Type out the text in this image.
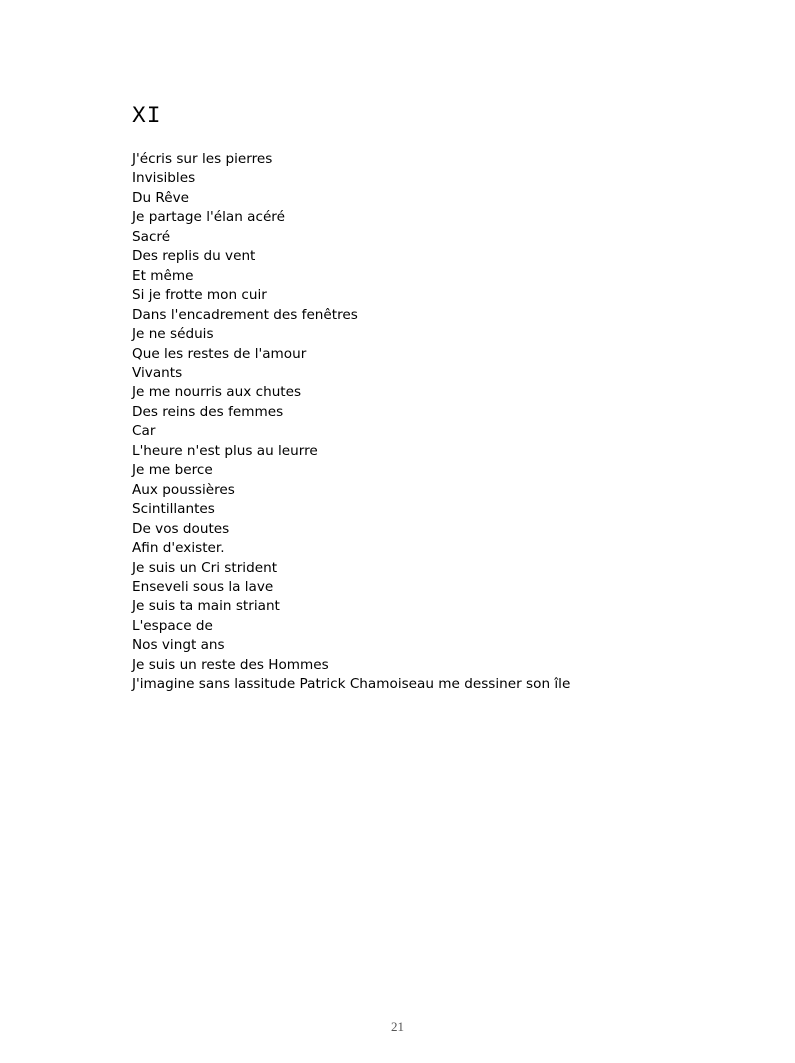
XI
J'écris sur les pierres
Invisibles
Du Rêve
Je partage l'élan acéré
Sacré
Des replis du vent
Et même
Si je frotte mon cuir
Dans l'encadrement des fenêtres
Je ne séduis
Que les restes de l'amour
Vivants
Je me nourris aux chutes
Des reins des femmes
Car
L'heure n'est plus au leurre
Je me berce
Aux poussières
Scintillantes
De vos doutes
Afin d'exister.
Je suis un Cri strident
Enseveli sous la lave
Je suis ta main striant
L'espace de
Nos vingt ans
Je suis un reste des Hommes
J'imagine sans lassitude Patrick Chamoiseau me dessiner son île
21
